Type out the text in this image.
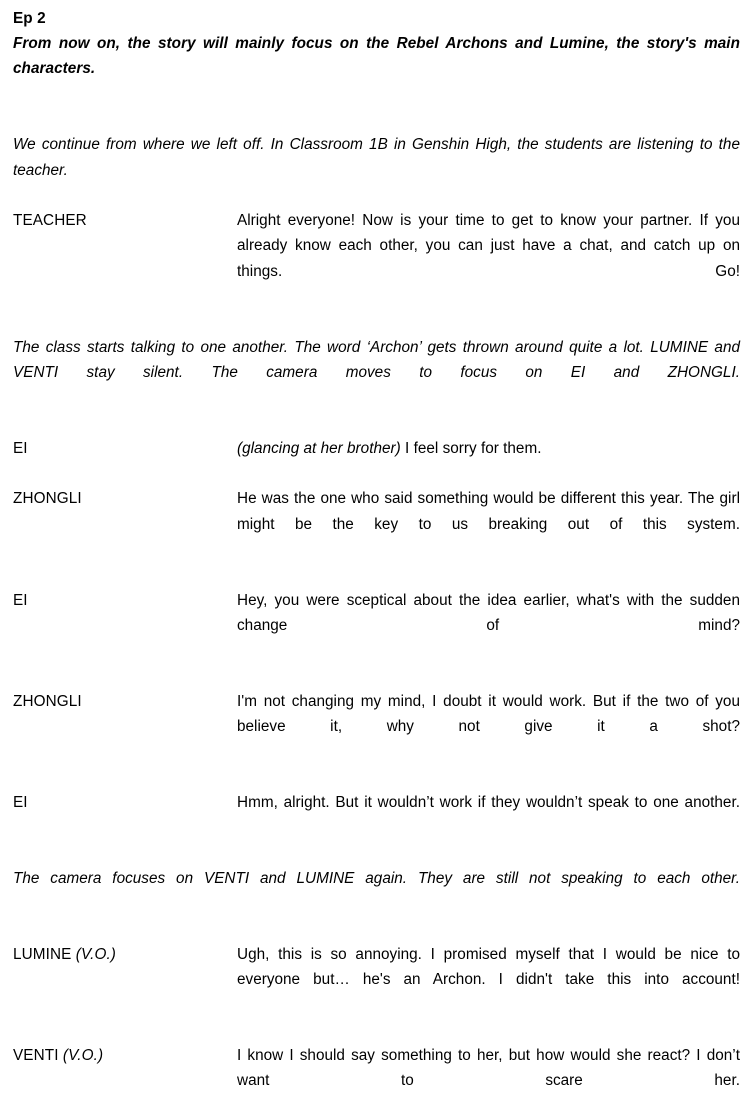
Ep 2
From now on, the story will mainly focus on the Rebel Archons and Lumine, the story's main characters.
We continue from where we left off. In Classroom 1B in Genshin High, the students are listening to the teacher.
TEACHER	Alright everyone! Now is your time to get to know your partner. If you already know each other, you can just have a chat, and catch up on things. Go!
The class starts talking to one another. The word ‘Archon’ gets thrown around quite a lot. LUMINE and VENTI stay silent. The camera moves to focus on EI and ZHONGLI.
EI	(glancing at her brother) I feel sorry for them.
ZHONGLI	He was the one who said something would be different this year. The girl might be the key to us breaking out of this system.
EI	Hey, you were sceptical about the idea earlier, what's with the sudden change of mind?
ZHONGLI	I'm not changing my mind, I doubt it would work. But if the two of you believe it, why not give it a shot?
EI	Hmm, alright. But it wouldn’t work if they wouldn’t speak to one another.
The camera focuses on VENTI and LUMINE again. They are still not speaking to each other.
LUMINE (V.O.)	Ugh, this is so annoying. I promised myself that I would be nice to everyone but… he's an Archon. I didn't take this into account!
VENTI (V.O.)	I know I should say something to her, but how would she react? I don’t want to scare her.
